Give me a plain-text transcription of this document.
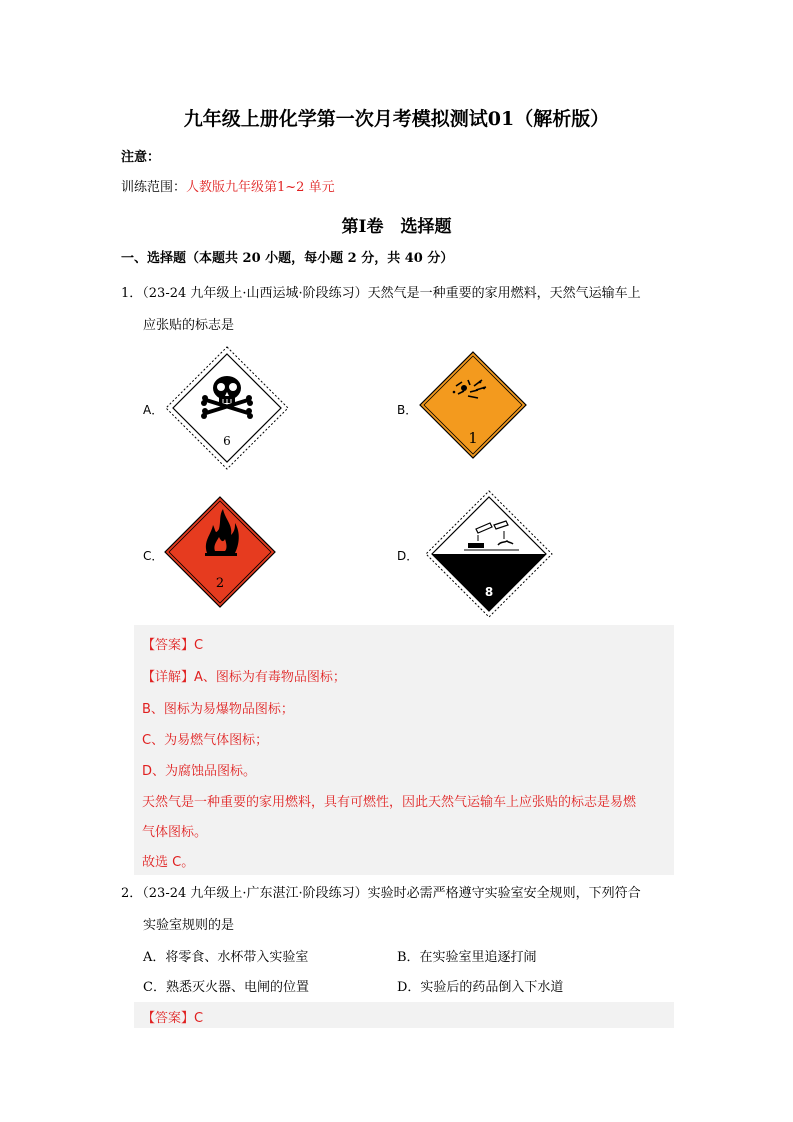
九年级上册化学第一次月考模拟测试01（解析版）
注意：
训练范围：人教版九年级第1~2 单元
第Ⅰ卷　选择题
一、选择题（本题共 20 小题，每小题 2 分，共 40 分）
1．（23-24 九年级上·山西运城·阶段练习）天然气是一种重要的家用燃料，天然气运输车上
应张贴的标志是
A．
6
B．
1
C．
2
D．
8
【答案】C
【详解】A、图标为有毒物品图标；
B、图标为易爆物品图标；
C、为易燃气体图标；
D、为腐蚀品图标。
天然气是一种重要的家用燃料，具有可燃性，因此天然气运输车上应张贴的标志是易燃
气体图标。
故选 C。
2．（23-24 九年级上·广东湛江·阶段练习）实验时必需严格遵守实验室安全规则，下列符合
实验室规则的是
A．将零食、水杯带入实验室	B．在实验室里追逐打闹
C．熟悉灭火器、电闸的位置	D．实验后的药品倒入下水道
【答案】C
